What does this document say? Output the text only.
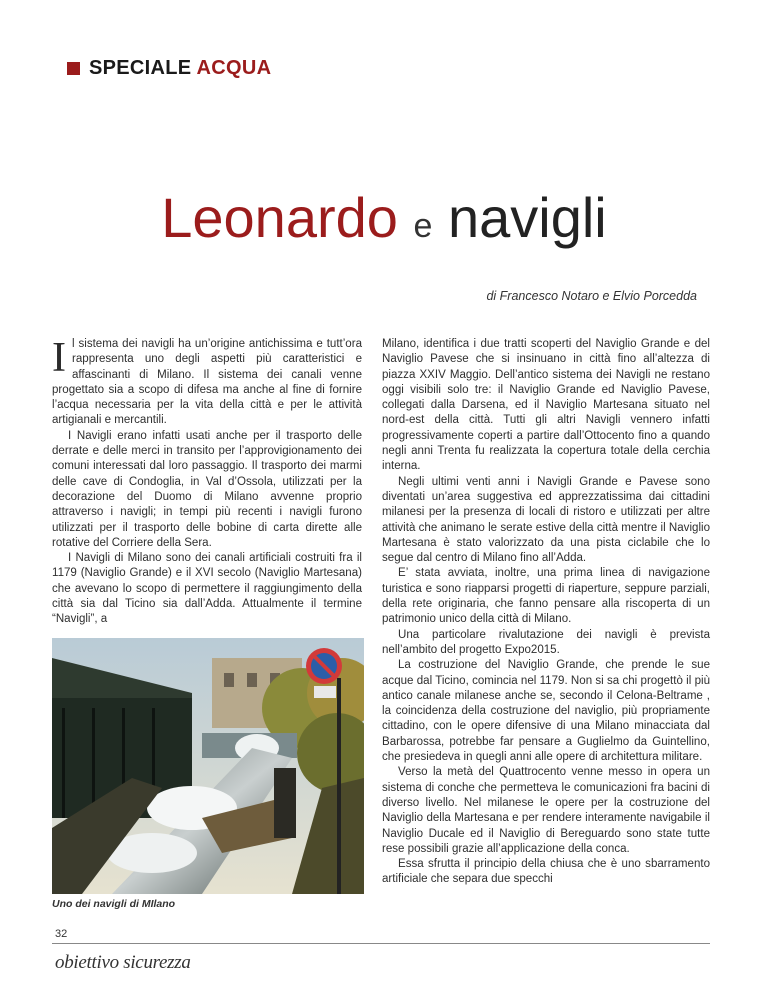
SPECIALE ACQUA
Leonardo e navigli
di Francesco Notaro e Elvio Porcedda

Il sistema dei navigli ha un’origine antichissima e tutt’ora rappresenta uno degli aspetti più caratteristici e affascinanti di Milano. Il sistema dei canali venne progettato sia a scopo di difesa ma anche al fine di fornire l’acqua necessaria per la vita della città e per le attività artigianali e mercantili.

I Navigli erano infatti usati anche per il trasporto delle derrate e delle merci in transito per l’approvigionamento dei comuni interessati dal loro passaggio. Il trasporto dei marmi delle cave di Condoglia, in Val d’Ossola, utilizzati per la decorazione del Duomo di Milano avvenne proprio attraverso i navigli; in tempi più recenti i navigli furono utilizzati per il trasporto delle bobine di carta dirette alle rotative del Corriere della Sera.

I Navigli di Milano sono dei canali artificiali costruiti fra il 1179 (Naviglio Grande) e il XVI secolo (Naviglio Martesana) che avevano lo scopo di permettere il raggiungimento della città sia dal Ticino sia dall’Adda. Attualmente il termine “Navigli”, a

Uno dei navigli di MIlano

Milano, identifica i due tratti scoperti del Naviglio Grande e del Naviglio Pavese che si insinuano in città fino all’altezza di piazza XXIV Maggio. Dell’antico sistema dei Navigli ne restano oggi visibili solo tre: il Naviglio Grande ed Naviglio Pavese, collegati dalla Darsena, ed il Naviglio Martesana situato nel nord-est della città. Tutti gli altri Navigli vennero infatti progressivamente coperti a partire dall’Ottocento fino a quando negli anni Trenta fu realizzata la copertura totale della cerchia interna.

Negli ultimi venti anni i Navigli Grande e Pavese sono diventati un’area suggestiva ed apprezzatissima dai cittadini milanesi per la presenza di locali di ristoro e utilizzati per altre attività che animano le serate estive della città mentre il Naviglio Martesana è stato valorizzato da una pista ciclabile che lo segue dal centro di Milano fino all’Adda.

E’ stata avviata, inoltre, una prima linea di navigazione turistica e sono riapparsi progetti di riaperture, seppure parziali, della rete originaria, che fanno pensare alla riscoperta di un patrimonio unico della città di Milano.

Una particolare rivalutazione dei navigli è prevista nell’ambito del progetto Expo2015.

La costruzione del Naviglio Grande, che prende le sue acque dal Ticino, comincia nel 1179. Non si sa chi progettò il più antico canale milanese anche se, secondo il Celona-Beltrame , la coincidenza della costruzione del naviglio, più propriamente cittadino, con le opere difensive di una Milano minacciata dal Barbarossa, potrebbe far pensare a Guglielmo da Guintellino, che presiedeva in quegli anni alle opere di architettura militare.

Verso la metà del Quattrocento venne messo in opera un sistema di conche che permetteva le comunicazioni fra bacini di diverso livello. Nel milanese le opere per la costruzione del Naviglio della Martesana e per rendere interamente navigabile il Naviglio Ducale ed il Naviglio di Bereguardo sono state tutte rese possibili grazie all’applicazione della conca.

Essa sfrutta il principio della chiusa che è uno sbarramento artificiale che separa due specchi

32
obiettivo sicurezza
